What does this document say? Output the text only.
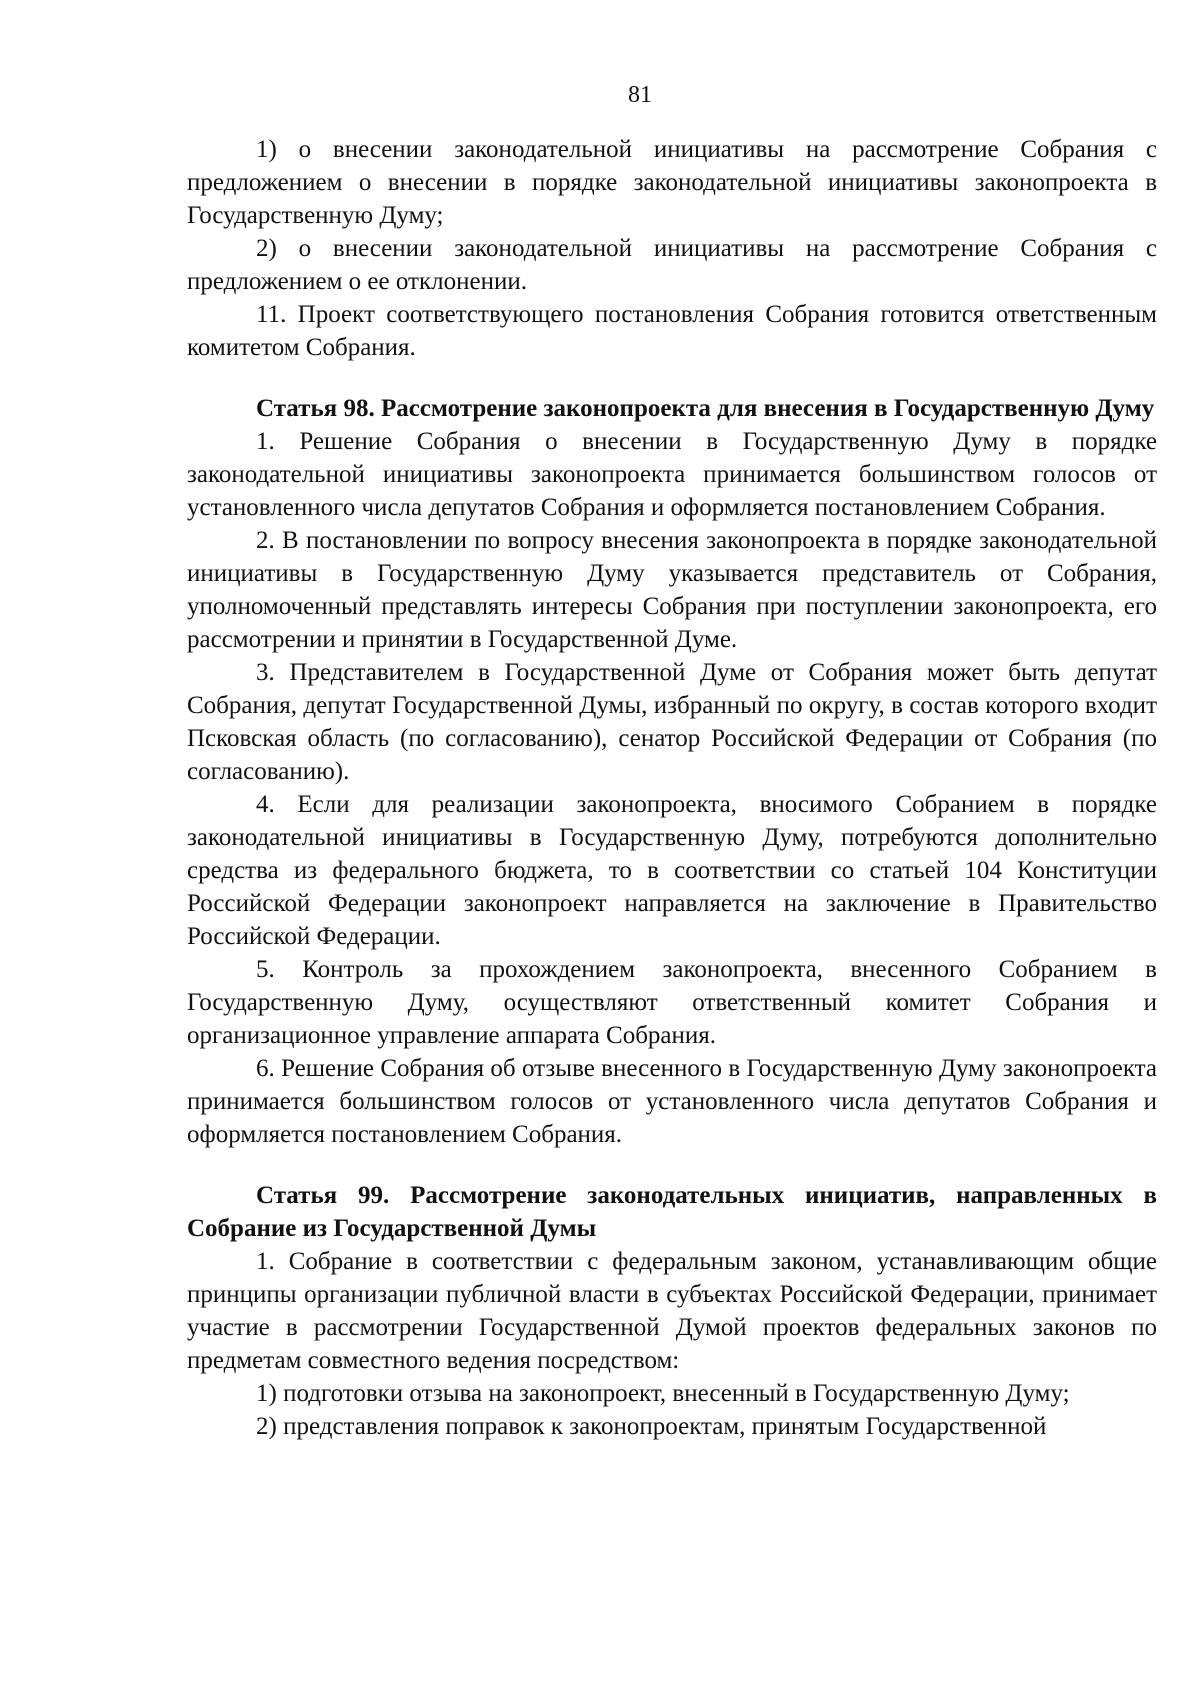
81

1) о внесении законодательной инициативы на рассмотрение Собрания с предложением о внесении в порядке законодательной инициативы законопроекта в Государственную Думу;

2) о внесении законодательной инициативы на рассмотрение Собрания с предложением о ее отклонении.

11. Проект соответствующего постановления Собрания готовится ответственным комитетом Собрания.

Статья 98. Рассмотрение законопроекта для внесения в Государственную Думу

1. Решение Собрания о внесении в Государственную Думу в порядке законодательной инициативы законопроекта принимается большинством голосов от установленного числа депутатов Собрания и оформляется постановлением Собрания.

2. В постановлении по вопросу внесения законопроекта в порядке законодательной инициативы в Государственную Думу указывается представитель от Собрания, уполномоченный представлять интересы Собрания при поступлении законопроекта, его рассмотрении и принятии в Государственной Думе.

3. Представителем в Государственной Думе от Собрания может быть депутат Собрания, депутат Государственной Думы, избранный по округу, в состав которого входит Псковская область (по согласованию), сенатор Российской Федерации от Собрания (по согласованию).

4. Если для реализации законопроекта, вносимого Собранием в порядке законодательной инициативы в Государственную Думу, потребуются дополнительно средства из федерального бюджета, то в соответствии со статьей 104 Конституции Российской Федерации законопроект направляется на заключение в Правительство Российской Федерации.

5. Контроль за прохождением законопроекта, внесенного Собранием в Государственную Думу, осуществляют ответственный комитет Собрания и организационное управление аппарата Собрания.

6. Решение Собрания об отзыве внесенного в Государственную Думу законопроекта принимается большинством голосов от установленного числа депутатов Собрания и оформляется постановлением Собрания.

Статья 99. Рассмотрение законодательных инициатив, направленных в Собрание из Государственной Думы

1. Собрание в соответствии с федеральным законом, устанавливающим общие принципы организации публичной власти в субъектах Российской Федерации, принимает участие в рассмотрении Государственной Думой проектов федеральных законов по предметам совместного ведения посредством:

1) подготовки отзыва на законопроект, внесенный в Государственную Думу;

2) представления поправок к законопроектам, принятым Государственной
